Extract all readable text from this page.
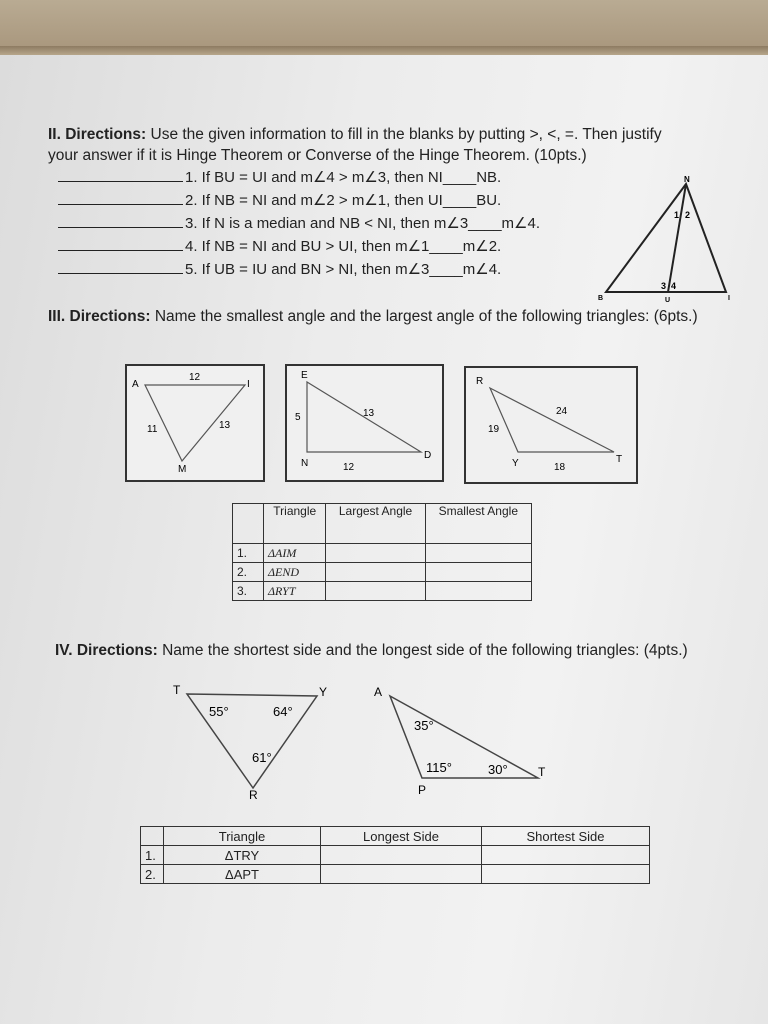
II. Directions: Use the given information to fill in the blanks by putting >, <, =. Then justify your answer if it is Hinge Theorem or Converse of the Hinge Theorem. (10pts.)
1. If BU = UI and m∠4 > m∠3, then NI____NB.
2. If NB = NI and m∠2 > m∠1, then UI____BU.
3. If N is a median and NB < NI, then m∠3____m∠4.
4. If NB = NI and BU > UI, then m∠1____m∠2.
5. If UB = IU and BN > NI, then m∠3____m∠4.
N
B	U	I
1 2
3 4
III. Directions: Name the smallest angle and the largest angle of the following triangles: (6pts.)
A	I
M
12
11	13
E
N
D
5	13
12
R
Y	T
24
19
18
	Triangle	Largest Angle	Smallest Angle
1.	ΔAIM		
2.	ΔEND		
3.	ΔRYT		
IV. Directions: Name the shortest side and the longest side of the following triangles: (4pts.)
T	Y
R
55°	64°
61°
A
P
T
35°
115°	30°
	Triangle	Longest Side	Shortest Side
1.	ΔTRY		
2.	ΔAPT		
